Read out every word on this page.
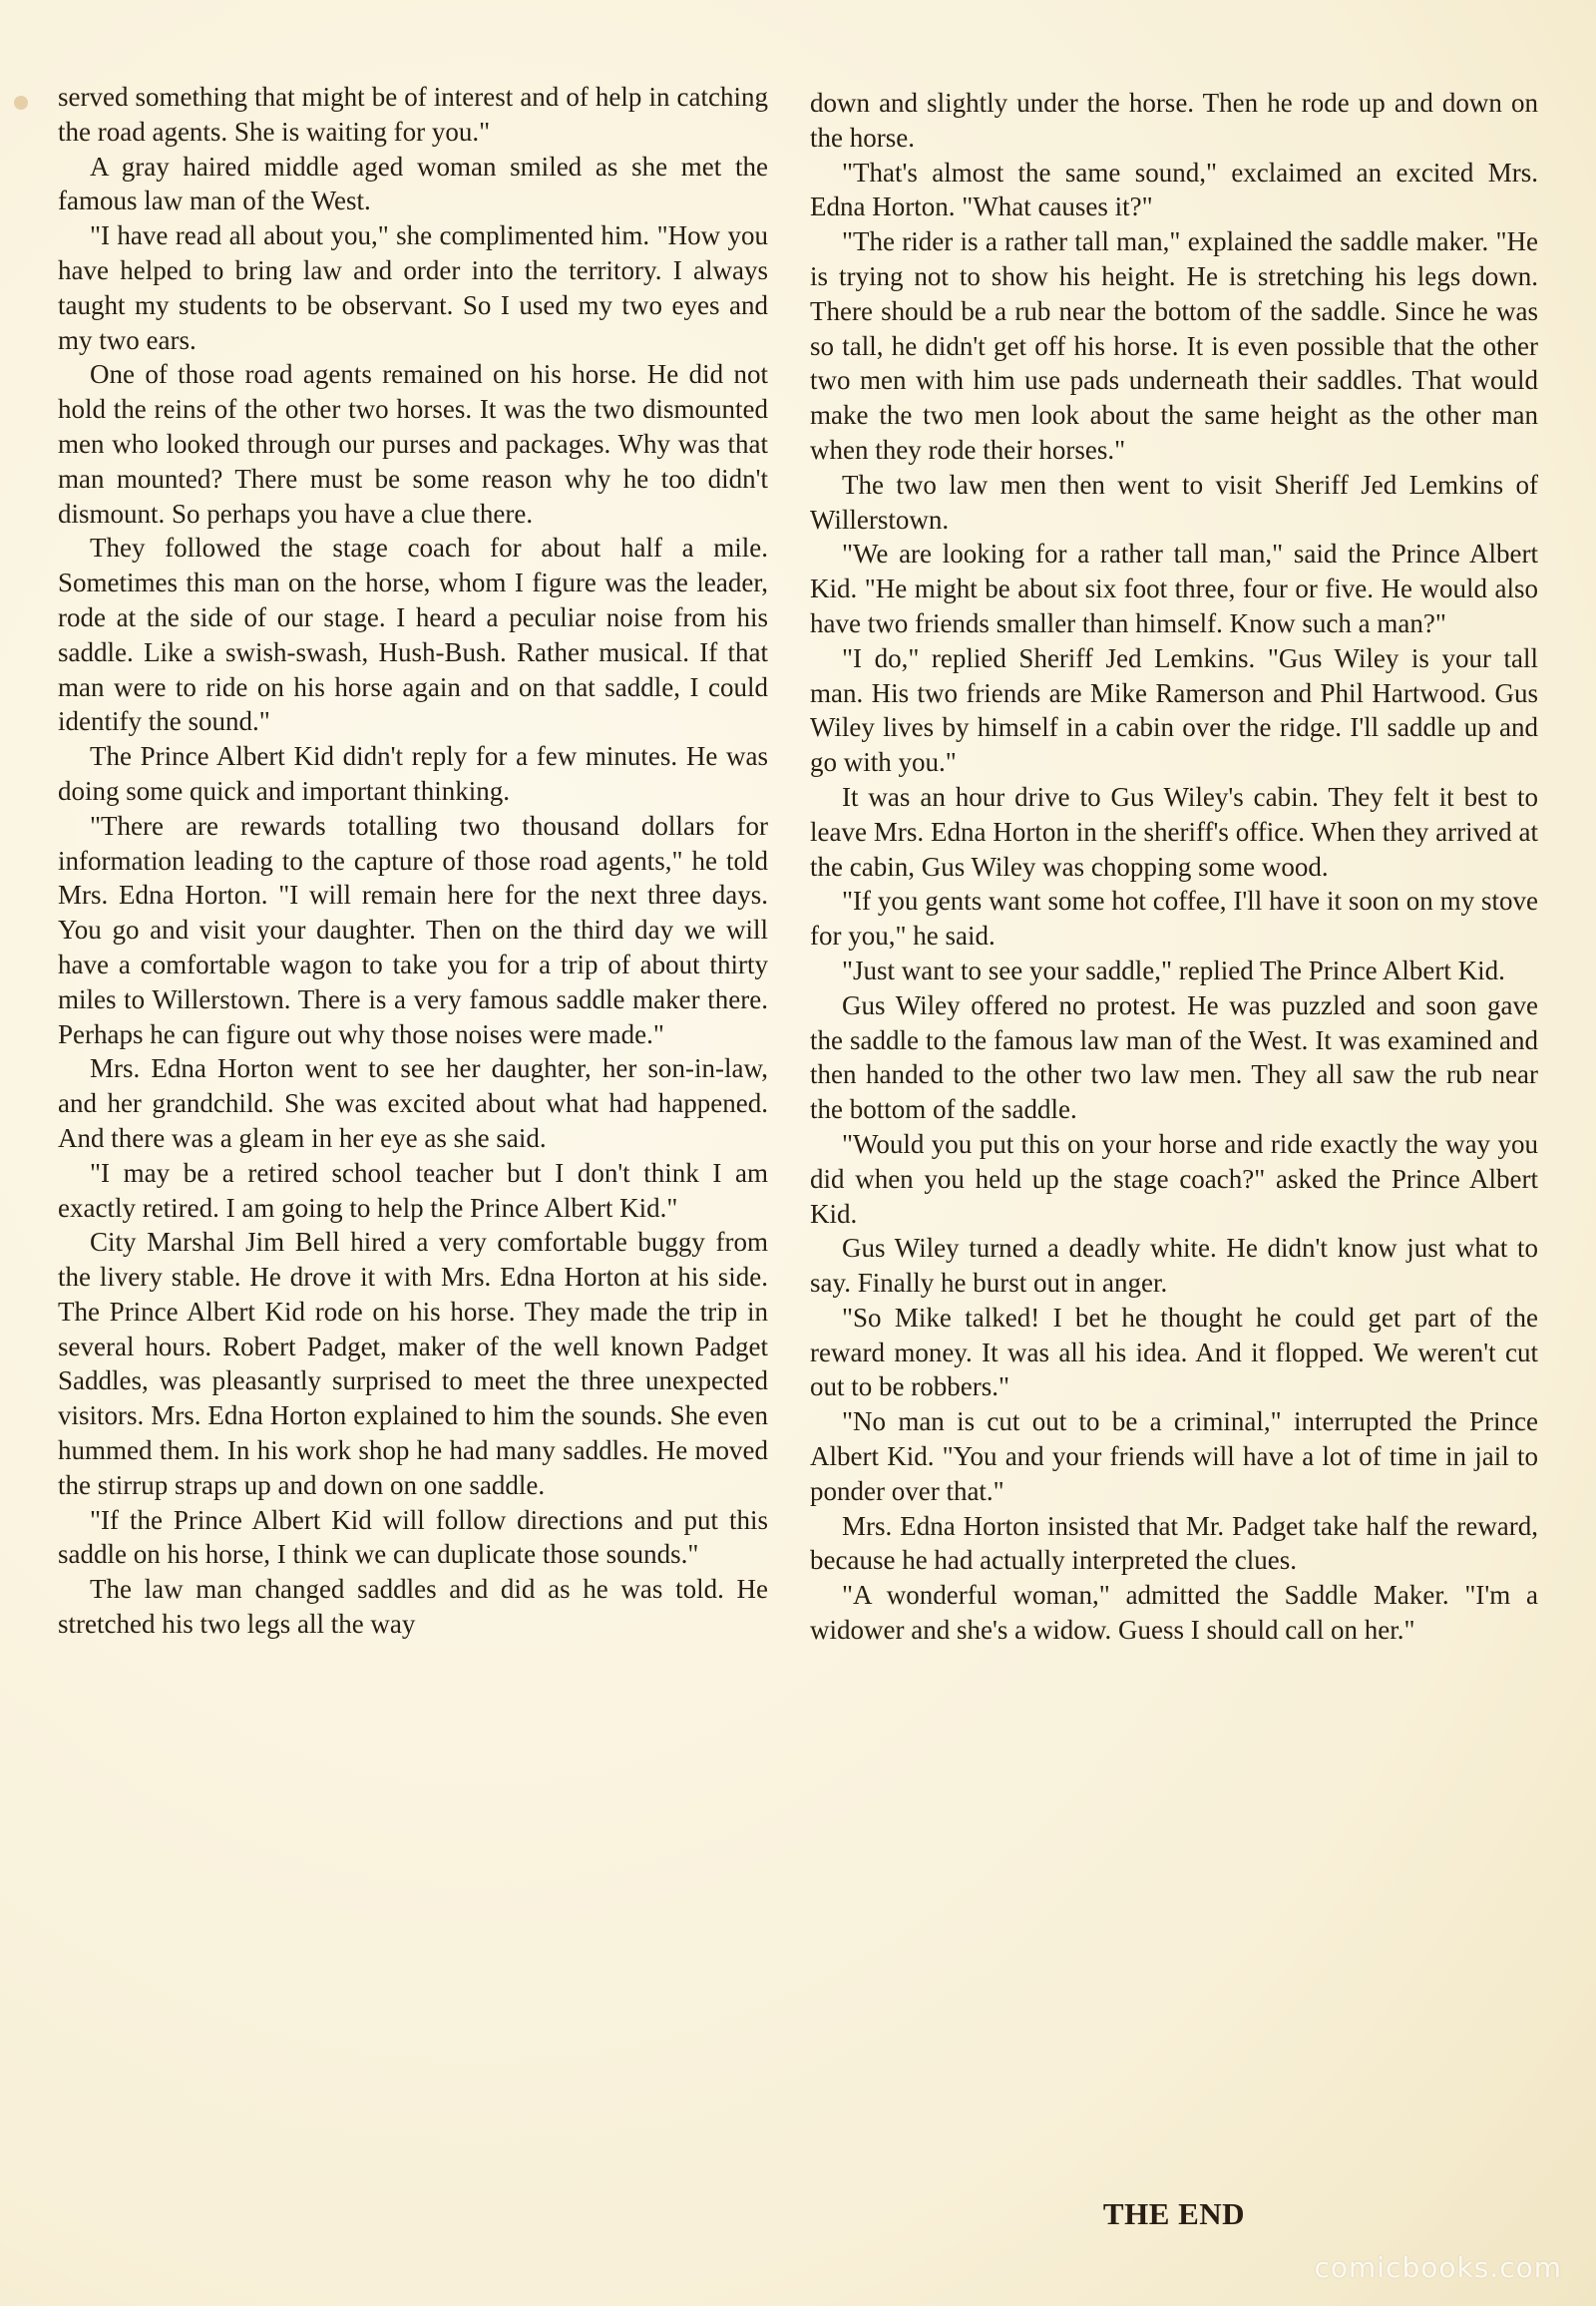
served something that might be of interest and of help in catching the road agents. She is waiting for you."

A gray haired middle aged woman smiled as she met the famous law man of the West.

"I have read all about you," she complimented him. "How you have helped to bring law and order into the territory. I always taught my students to be observant. So I used my two eyes and my two ears.

One of those road agents remained on his horse. He did not hold the reins of the other two horses. It was the two dismounted men who looked through our purses and packages. Why was that man mounted? There must be some reason why he too didn't dismount. So perhaps you have a clue there.

They followed the stage coach for about half a mile. Sometimes this man on the horse, whom I figure was the leader, rode at the side of our stage. I heard a peculiar noise from his saddle. Like a swish-swash, Hush-Bush. Rather musical. If that man were to ride on his horse again and on that saddle, I could identify the sound."

The Prince Albert Kid didn't reply for a few minutes. He was doing some quick and important thinking.

"There are rewards totalling two thousand dollars for information leading to the capture of those road agents," he told Mrs. Edna Horton. "I will remain here for the next three days. You go and visit your daughter. Then on the third day we will have a comfortable wagon to take you for a trip of about thirty miles to Willerstown. There is a very famous saddle maker there. Perhaps he can figure out why those noises were made."

Mrs. Edna Horton went to see her daughter, her son-in-law, and her grandchild. She was excited about what had happened. And there was a gleam in her eye as she said.

"I may be a retired school teacher but I don't think I am exactly retired. I am going to help the Prince Albert Kid."

City Marshal Jim Bell hired a very comfortable buggy from the livery stable. He drove it with Mrs. Edna Horton at his side. The Prince Albert Kid rode on his horse. They made the trip in several hours. Robert Padget, maker of the well known Padget Saddles, was pleasantly surprised to meet the three unexpected visitors. Mrs. Edna Horton explained to him the sounds. She even hummed them. In his work shop he had many saddles. He moved the stirrup straps up and down on one saddle.

"If the Prince Albert Kid will follow directions and put this saddle on his horse, I think we can duplicate those sounds."

The law man changed saddles and did as he was told. He stretched his two legs all the way

down and slightly under the horse. Then he rode up and down on the horse.

"That's almost the same sound," exclaimed an excited Mrs. Edna Horton. "What causes it?"

"The rider is a rather tall man," explained the saddle maker. "He is trying not to show his height. He is stretching his legs down. There should be a rub near the bottom of the saddle. Since he was so tall, he didn't get off his horse. It is even possible that the other two men with him use pads underneath their saddles. That would make the two men look about the same height as the other man when they rode their horses."

The two law men then went to visit Sheriff Jed Lemkins of Willerstown.

"We are looking for a rather tall man," said the Prince Albert Kid. "He might be about six foot three, four or five. He would also have two friends smaller than himself. Know such a man?"

"I do," replied Sheriff Jed Lemkins. "Gus Wiley is your tall man. His two friends are Mike Ramerson and Phil Hartwood. Gus Wiley lives by himself in a cabin over the ridge. I'll saddle up and go with you."

It was an hour drive to Gus Wiley's cabin. They felt it best to leave Mrs. Edna Horton in the sheriff's office. When they arrived at the cabin, Gus Wiley was chopping some wood.

"If you gents want some hot coffee, I'll have it soon on my stove for you," he said.

"Just want to see your saddle," replied The Prince Albert Kid.

Gus Wiley offered no protest. He was puzzled and soon gave the saddle to the famous law man of the West. It was examined and then handed to the other two law men. They all saw the rub near the bottom of the saddle.

"Would you put this on your horse and ride exactly the way you did when you held up the stage coach?" asked the Prince Albert Kid.

Gus Wiley turned a deadly white. He didn't know just what to say. Finally he burst out in anger.

"So Mike talked! I bet he thought he could get part of the reward money. It was all his idea. And it flopped. We weren't cut out to be robbers."

"No man is cut out to be a criminal," interrupted the Prince Albert Kid. "You and your friends will have a lot of time in jail to ponder over that."

Mrs. Edna Horton insisted that Mr. Padget take half the reward, because he had actually interpreted the clues.

"A wonderful woman," admitted the Saddle Maker. "I'm a widower and she's a widow. Guess I should call on her."

THE END
comicbooks.com
